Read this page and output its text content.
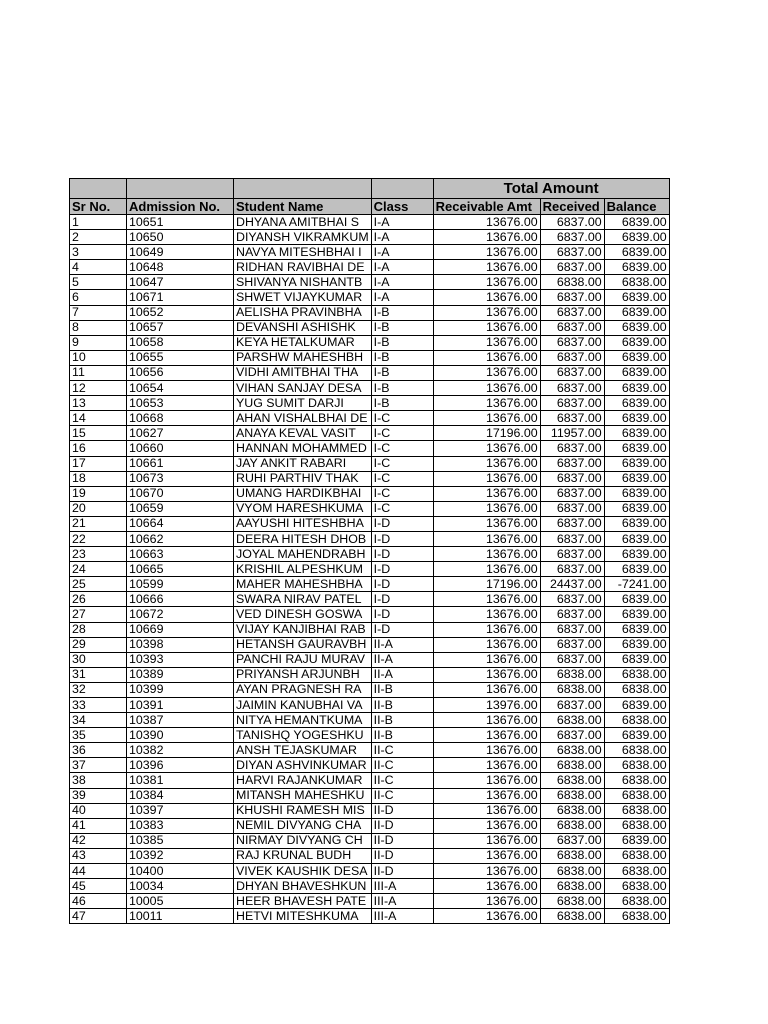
				Total Amount		
Sr No.	Admission No.	Student Name	Class	Receivable Amt	Received	Balance
1	10651	DHYANA AMITBHAI S	I-A	13676.00	6837.00	6839.00
2	10650	DIYANSH VIKRAMKUM	I-A	13676.00	6837.00	6839.00
3	10649	NAVYA MITESHBHAI I	I-A	13676.00	6837.00	6839.00
4	10648	RIDHAN RAVIBHAI DE	I-A	13676.00	6837.00	6839.00
5	10647	SHIVANYA NISHANTB	I-A	13676.00	6838.00	6838.00
6	10671	SHWET VIJAYKUMAR	I-A	13676.00	6837.00	6839.00
7	10652	AELISHA PRAVINBHA	I-B	13676.00	6837.00	6839.00
8	10657	DEVANSHI ASHISHK	I-B	13676.00	6837.00	6839.00
9	10658	KEYA HETALKUMAR	I-B	13676.00	6837.00	6839.00
10	10655	PARSHW MAHESHBH	I-B	13676.00	6837.00	6839.00
11	10656	VIDHI AMITBHAI THA	I-B	13676.00	6837.00	6839.00
12	10654	VIHAN SANJAY DESA	I-B	13676.00	6837.00	6839.00
13	10653	YUG SUMIT DARJI	I-B	13676.00	6837.00	6839.00
14	10668	AHAN VISHALBHAI DE	I-C	13676.00	6837.00	6839.00
15	10627	ANAYA KEVAL VASIT	I-C	17196.00	11957.00	6839.00
16	10660	HANNAN MOHAMMED	I-C	13676.00	6837.00	6839.00
17	10661	JAY ANKIT RABARI	I-C	13676.00	6837.00	6839.00
18	10673	RUHI PARTHIV THAK	I-C	13676.00	6837.00	6839.00
19	10670	UMANG HARDIKBHAI	I-C	13676.00	6837.00	6839.00
20	10659	VYOM HARESHKUMA	I-C	13676.00	6837.00	6839.00
21	10664	AAYUSHI HITESHBHA	I-D	13676.00	6837.00	6839.00
22	10662	DEERA HITESH DHOB	I-D	13676.00	6837.00	6839.00
23	10663	JOYAL MAHENDRABH	I-D	13676.00	6837.00	6839.00
24	10665	KRISHIL ALPESHKUM	I-D	13676.00	6837.00	6839.00
25	10599	MAHER MAHESHBHA	I-D	17196.00	24437.00	-7241.00
26	10666	SWARA NIRAV PATEL	I-D	13676.00	6837.00	6839.00
27	10672	VED DINESH GOSWA	I-D	13676.00	6837.00	6839.00
28	10669	VIJAY KANJIBHAI RAB	I-D	13676.00	6837.00	6839.00
29	10398	HETANSH GAURAVBH	II-A	13676.00	6837.00	6839.00
30	10393	PANCHI RAJU MURAV	II-A	13676.00	6837.00	6839.00
31	10389	PRIYANSH ARJUNBH	II-A	13676.00	6838.00	6838.00
32	10399	AYAN PRAGNESH RA	II-B	13676.00	6838.00	6838.00
33	10391	JAIMIN KANUBHAI VA	II-B	13976.00	6837.00	6839.00
34	10387	NITYA HEMANTKUMA	II-B	13676.00	6838.00	6838.00
35	10390	TANISHQ YOGESHKU	II-B	13676.00	6837.00	6839.00
36	10382	ANSH TEJASKUMAR	II-C	13676.00	6838.00	6838.00
37	10396	DIYAN ASHVINKUMAR	II-C	13676.00	6838.00	6838.00
38	10381	HARVI RAJANKUMAR	II-C	13676.00	6838.00	6838.00
39	10384	MITANSH MAHESHKU	II-C	13676.00	6838.00	6838.00
40	10397	KHUSHI RAMESH MIS	II-D	13676.00	6838.00	6838.00
41	10383	NEMIL DIVYANG CHA	II-D	13676.00	6838.00	6838.00
42	10385	NIRMAY DIVYANG CH	II-D	13676.00	6837.00	6839.00
43	10392	RAJ KRUNAL BUDH	II-D	13676.00	6838.00	6838.00
44	10400	VIVEK KAUSHIK DESA	II-D	13676.00	6838.00	6838.00
45	10034	DHYAN BHAVESHKUN	III-A	13676.00	6838.00	6838.00
46	10005	HEER BHAVESH PATE	III-A	13676.00	6838.00	6838.00
47	10011	HETVI MITESHKUMA	III-A	13676.00	6838.00	6838.00
